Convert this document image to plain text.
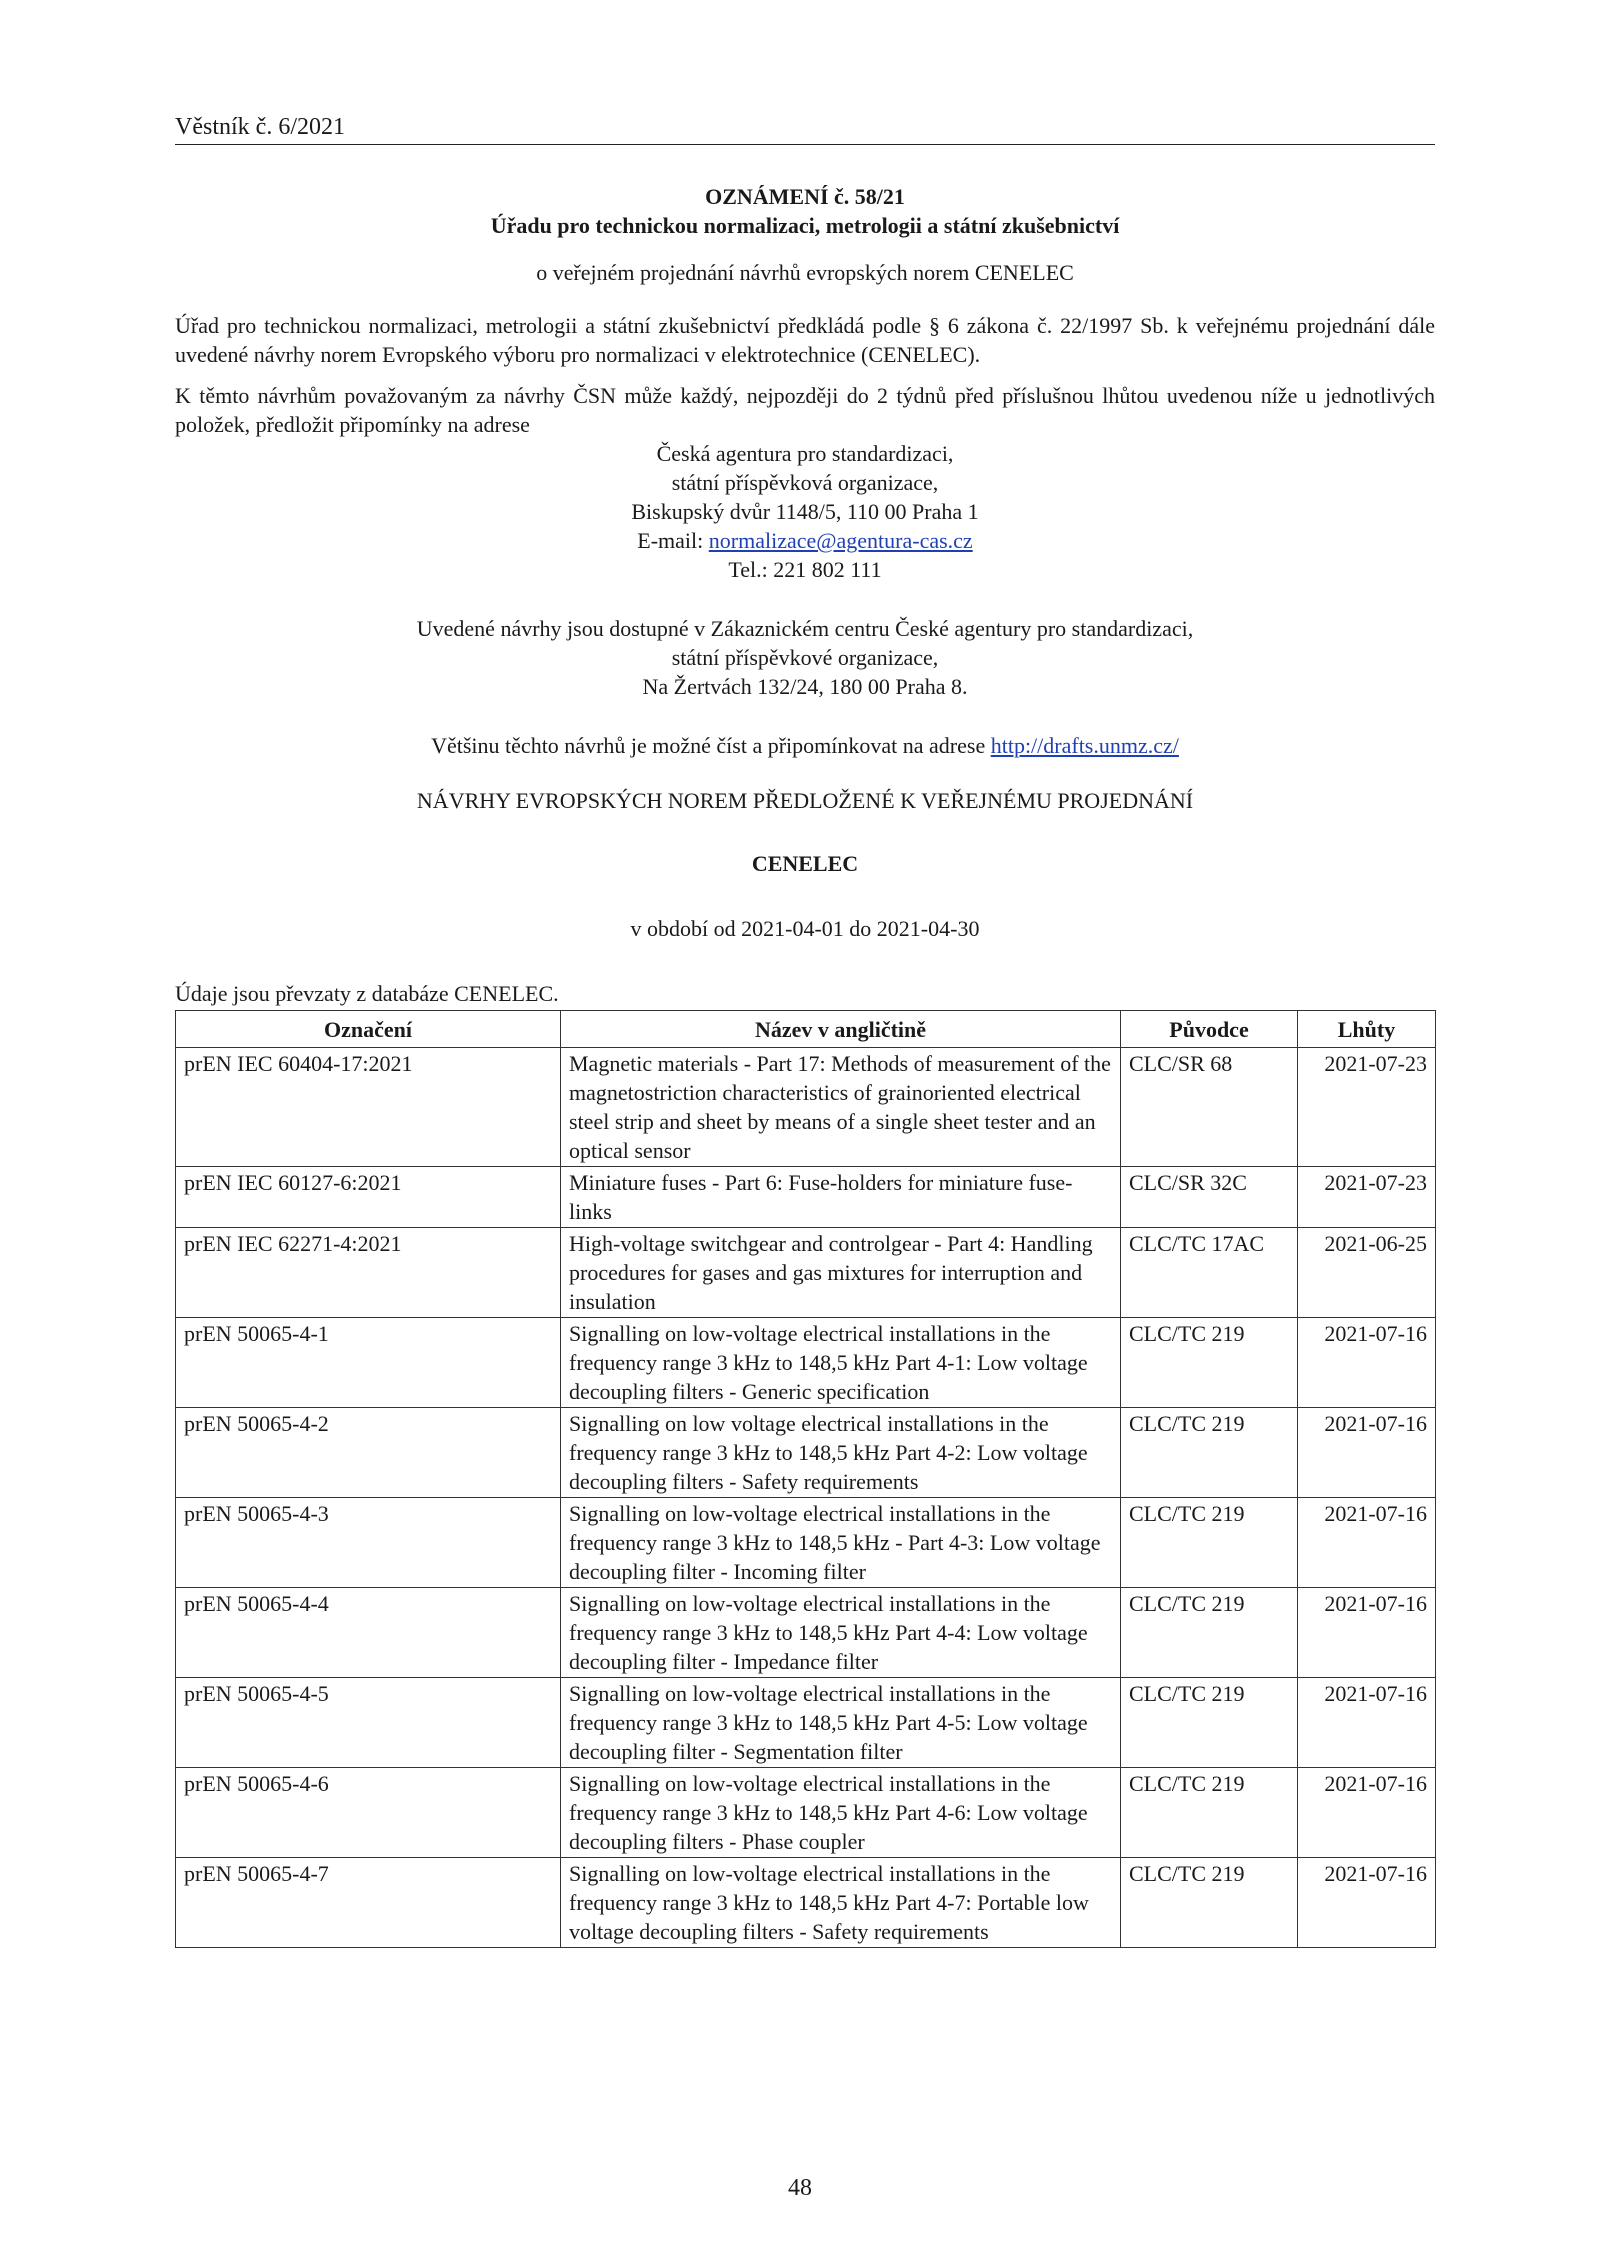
Věstník č. 6/2021
OZNÁMENÍ č. 58/21
Úřadu pro technickou normalizaci, metrologii a státní zkušebnictví
o veřejném projednání návrhů evropských norem CENELEC
Úřad pro technickou normalizaci, metrologii a státní zkušebnictví předkládá podle § 6 zákona č. 22/1997 Sb. k veřejnému projednání dále uvedené návrhy norem Evropského výboru pro normalizaci v elektrotechnice (CENELEC).
K těmto návrhům považovaným za návrhy ČSN může každý, nejpozději do 2 týdnů před příslušnou lhůtou uvedenou níže u jednotlivých položek, předložit připomínky na adrese
Česká agentura pro standardizaci,
státní příspěvková organizace,
Biskupský dvůr 1148/5, 110 00 Praha 1
E-mail: normalizace@agentura-cas.cz
Tel.: 221 802 111
Uvedené návrhy jsou dostupné v Zákaznickém centru České agentury pro standardizaci,
státní příspěvkové organizace,
Na Žertvách 132/24, 180 00 Praha 8.
Většinu těchto návrhů je možné číst a připomínkovat na adrese http://drafts.unmz.cz/
NÁVRHY EVROPSKÝCH NOREM PŘEDLOŽENÉ K VEŘEJNÉMU PROJEDNÁNÍ
CENELEC
v období od 2021-04-01 do 2021-04-30
Údaje jsou převzaty z databáze CENELEC.
Označení	Název v angličtině	Původce	Lhůty
prEN IEC 60404-17:2021	Magnetic materials - Part 17: Methods of measurement of the magnetostriction characteristics of grainoriented electrical steel strip and sheet by means of a single sheet tester and an optical sensor	CLC/SR 68	2021-07-23
prEN IEC 60127-6:2021	Miniature fuses - Part 6: Fuse-holders for miniature fuse-links	CLC/SR 32C	2021-07-23
prEN IEC 62271-4:2021	High-voltage switchgear and controlgear - Part 4: Handling procedures for gases and gas mixtures for interruption and insulation	CLC/TC 17AC	2021-06-25
prEN 50065-4-1	Signalling on low-voltage electrical installations in the frequency range 3 kHz to 148,5 kHz Part 4-1: Low voltage decoupling filters - Generic specification	CLC/TC 219	2021-07-16
prEN 50065-4-2	Signalling on low voltage electrical installations in the frequency range 3 kHz to 148,5 kHz Part 4-2: Low voltage decoupling filters - Safety requirements	CLC/TC 219	2021-07-16
prEN 50065-4-3	Signalling on low-voltage electrical installations in the frequency range 3 kHz to 148,5 kHz - Part 4-3: Low voltage decoupling filter - Incoming filter	CLC/TC 219	2021-07-16
prEN 50065-4-4	Signalling on low-voltage electrical installations in the frequency range 3 kHz to 148,5 kHz Part 4-4: Low voltage decoupling filter - Impedance filter	CLC/TC 219	2021-07-16
prEN 50065-4-5	Signalling on low-voltage electrical installations in the frequency range 3 kHz to 148,5 kHz Part 4-5: Low voltage decoupling filter - Segmentation filter	CLC/TC 219	2021-07-16
prEN 50065-4-6	Signalling on low-voltage electrical installations in the frequency range 3 kHz to 148,5 kHz Part 4-6: Low voltage decoupling filters - Phase coupler	CLC/TC 219	2021-07-16
prEN 50065-4-7	Signalling on low-voltage electrical installations in the frequency range 3 kHz to 148,5 kHz Part 4-7: Portable low voltage decoupling filters - Safety requirements	CLC/TC 219	2021-07-16
48
